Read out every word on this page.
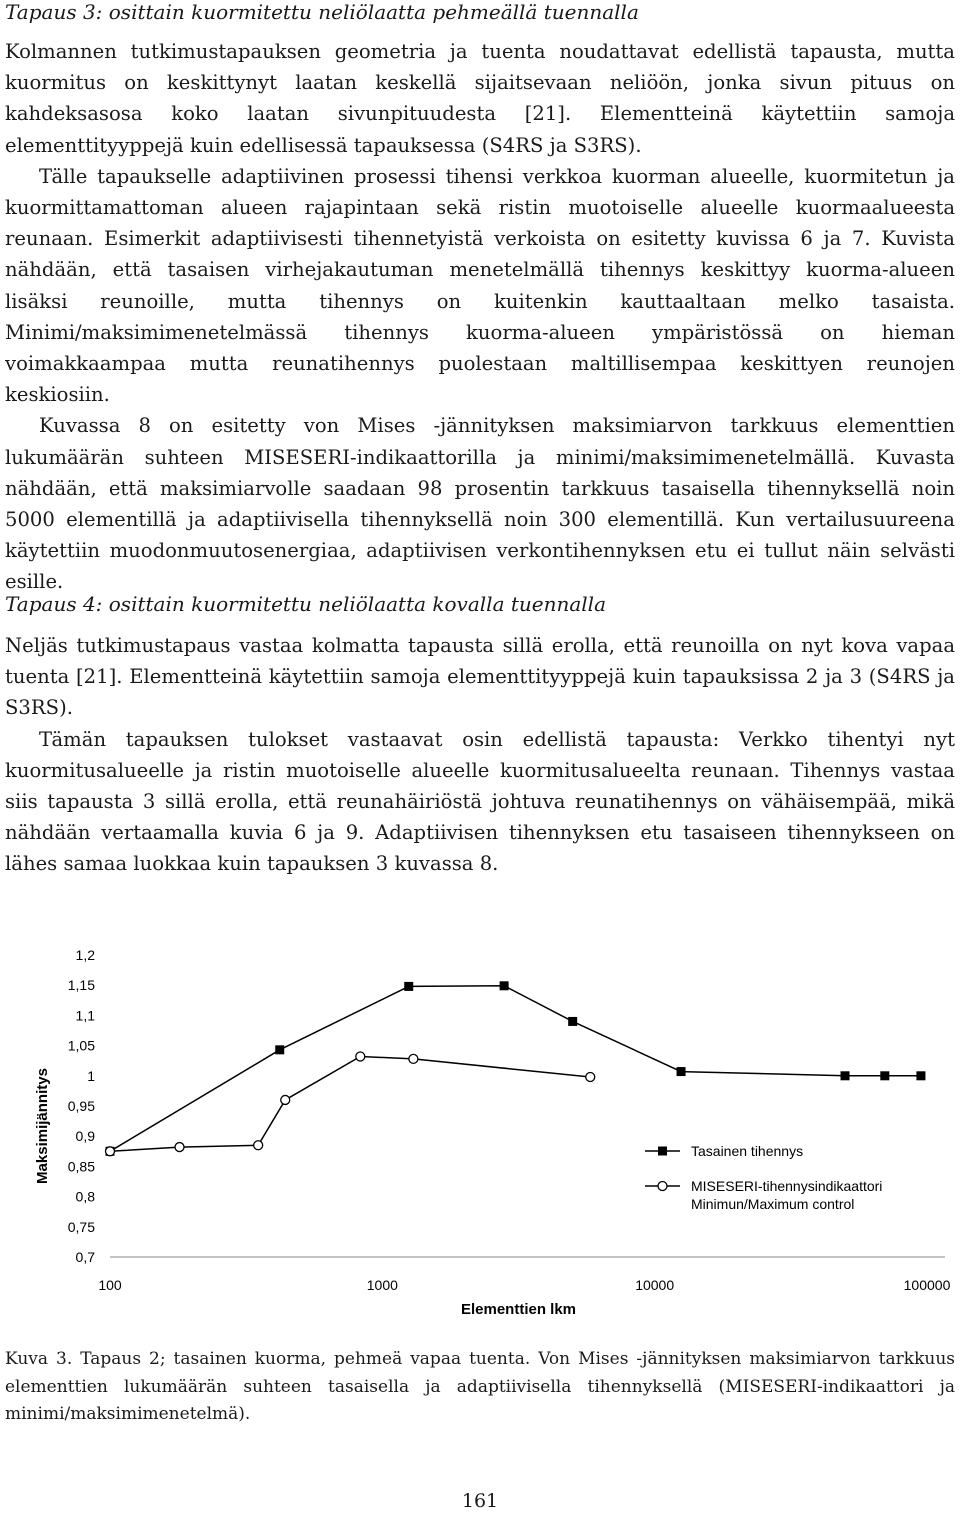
Tapaus 3: osittain kuormitettu neliölaatta pehmeällä tuennalla

Kolmannen tutkimustapauksen geometria ja tuenta noudattavat edellistä tapausta, mutta kuormitus on keskittynyt laatan keskellä sijaitsevaan neliöön, jonka sivun pituus on kahdeksasosa koko laatan sivunpituudesta [21]. Elementteinä käytettiin samoja elementtityyppejä kuin edellisessä tapauksessa (S4RS ja S3RS).

Tälle tapaukselle adaptiivinen prosessi tihensi verkkoa kuorman alueelle, kuormitetun ja kuormittamattoman alueen rajapintaan sekä ristin muotoiselle alueelle kuormaalueesta reunaan. Esimerkit adaptiivisesti tihennetyistä verkoista on esitetty kuvissa 6 ja 7. Kuvista nähdään, että tasaisen virhejakautuman menetelmällä tihennys keskittyy kuorma-alueen lisäksi reunoille, mutta tihennys on kuitenkin kauttaaltaan melko tasaista. Minimi/maksimimenetelmässä tihennys kuorma-alueen ympäristössä on hieman voimakkaampaa mutta reunatihennys puolestaan maltillisempaa keskittyen reunojen keskiosiin.

Kuvassa 8 on esitetty von Mises -jännityksen maksimiarvon tarkkuus elementtien lukumäärän suhteen MISESERI-indikaattorilla ja minimi/maksimimenetelmällä. Kuvasta nähdään, että maksimiarvolle saadaan 98 prosentin tarkkuus tasaisella tihennyksellä noin 5000 elementillä ja adaptiivisella tihennyksellä noin 300 elementillä. Kun vertailusuureena käytettiin muodonmuutosenergiaa, adaptiivisen verkontihennyksen etu ei tullut näin selvästi esille.

Tapaus 4: osittain kuormitettu neliölaatta kovalla tuennalla

Neljäs tutkimustapaus vastaa kolmatta tapausta sillä erolla, että reunoilla on nyt kova vapaa tuenta [21]. Elementteinä käytettiin samoja elementtityyppejä kuin tapauksissa 2 ja 3 (S4RS ja S3RS).

Tämän tapauksen tulokset vastaavat osin edellistä tapausta: Verkko tihentyi nyt kuormitusalueelle ja ristin muotoiselle alueelle kuormitusalueelta reunaan. Tihennys vastaa siis tapausta 3 sillä erolla, että reunahäiriöstä johtuva reunatihennys on vähäisempää, mikä nähdään vertaamalla kuvia 6 ja 9. Adaptiivisen tihennyksen etu tasaiseen tihennykseen on lähes samaa luokkaa kuin tapauksen 3 kuvassa 8.

0,7
0,75
0,8
0,85
0,9
0,95
1
1,05
1,1
1,15
1,2
100	1000	10000	100000
Tasainen tihennys
MISESERI-tihennysindikaattori
Minimun/Maximum control
Maksimijännitys
Elementtien lkm

Kuva 3. Tapaus 2; tasainen kuorma, pehmeä vapaa tuenta. Von Mises -jännityksen maksimiarvon tarkkuus elementtien lukumäärän suhteen tasaisella ja adaptiivisella tihennyksellä (MISESERI-indikaattori ja minimi/maksimimenetelmä).

161
